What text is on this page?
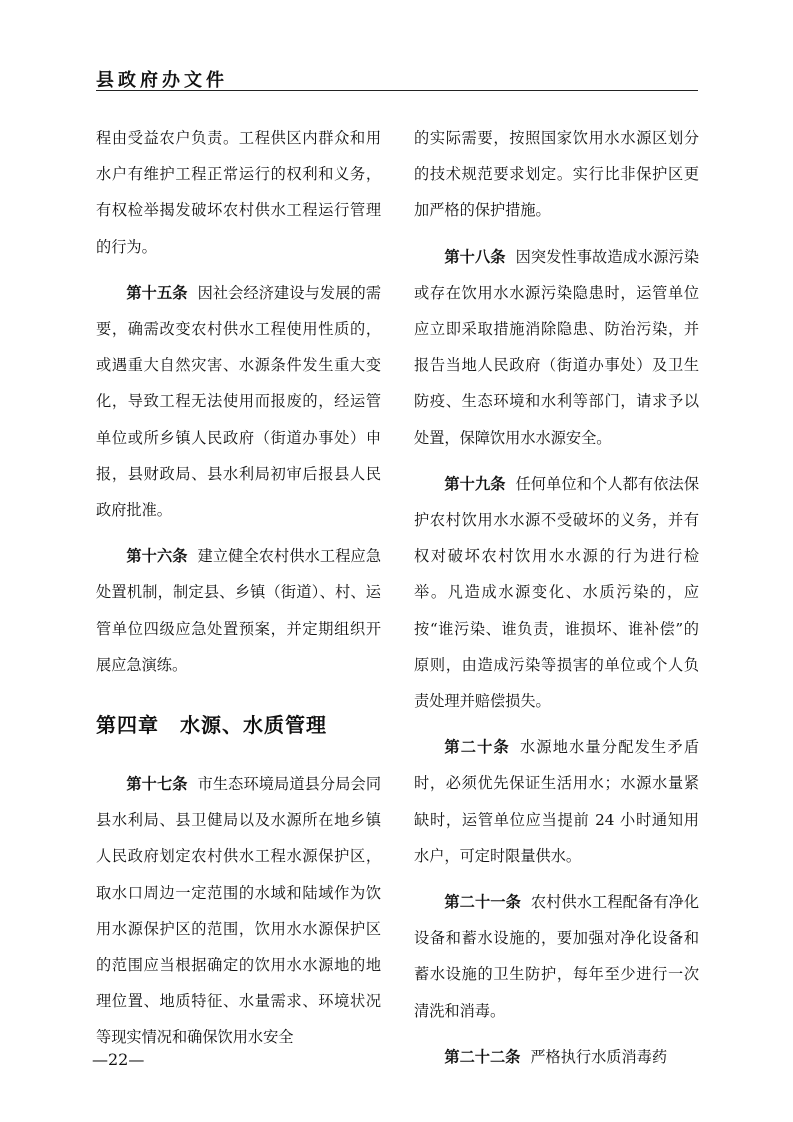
县政府办文件

程由受益农户负责。工程供区内群众和用水户有维护工程正常运行的权利和义务，有权检举揭发破坏农村供水工程运行管理的行为。

第十五条 因社会经济建设与发展的需要，确需改变农村供水工程使用性质的，或遇重大自然灾害、水源条件发生重大变化，导致工程无法使用而报废的，经运管单位或所乡镇人民政府（街道办事处）申报，县财政局、县水利局初审后报县人民政府批准。

第十六条 建立健全农村供水工程应急处置机制，制定县、乡镇（街道）、村、运管单位四级应急处置预案，并定期组织开展应急演练。

第四章　水源、水质管理

第十七条 市生态环境局道县分局会同县水利局、县卫健局以及水源所在地乡镇人民政府划定农村供水工程水源保护区，取水口周边一定范围的水域和陆域作为饮用水源保护区的范围，饮用水水源保护区的范围应当根据确定的饮用水水源地的地理位置、地质特征、水量需求、环境状况等现实情况和确保饮用水安全

的实际需要，按照国家饮用水水源区划分的技术规范要求划定。实行比非保护区更加严格的保护措施。

第十八条 因突发性事故造成水源污染或存在饮用水水源污染隐患时，运管单位应立即采取措施消除隐患、防治污染，并报告当地人民政府（街道办事处）及卫生防疫、生态环境和水利等部门，请求予以处置，保障饮用水水源安全。

第十九条 任何单位和个人都有依法保护农村饮用水水源不受破坏的义务，并有权对破坏农村饮用水水源的行为进行检举。凡造成水源变化、水质污染的，应按“谁污染、谁负责，谁损坏、谁补偿”的原则，由造成污染等损害的单位或个人负责处理并赔偿损失。

第二十条 水源地水量分配发生矛盾时，必须优先保证生活用水；水源水量紧缺时，运管单位应当提前 24 小时通知用水户，可定时限量供水。

第二十一条 农村供水工程配备有净化设备和蓄水设施的，要加强对净化设备和蓄水设施的卫生防护，每年至少进行一次清洗和消毒。

第二十二条 严格执行水质消毒药

—22—
